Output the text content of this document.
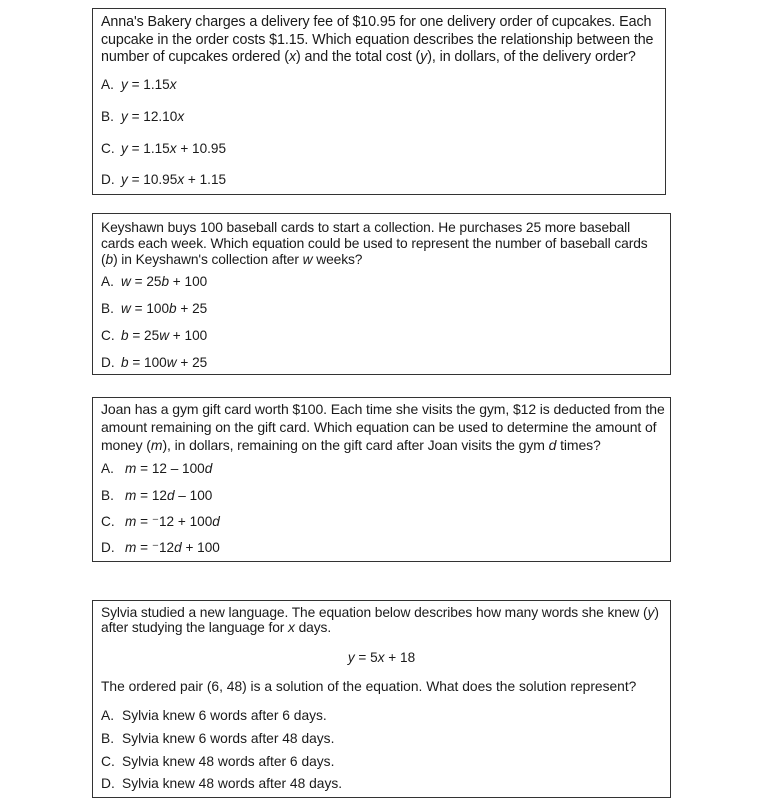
Anna's Bakery charges a delivery fee of $10.95 for one delivery order of cupcakes. Each cupcake in the order costs $1.15. Which equation describes the relationship between the number of cupcakes ordered (x) and the total cost (y), in dollars, of the delivery order?
A. y = 1.15x
B. y = 12.10x
C. y = 1.15x + 10.95
D. y = 10.95x + 1.15
Keyshawn buys 100 baseball cards to start a collection. He purchases 25 more baseball cards each week. Which equation could be used to represent the number of baseball cards (b) in Keyshawn's collection after w weeks?
A. w = 25b + 100
B. w = 100b + 25
C. b = 25w + 100
D. b = 100w + 25
Joan has a gym gift card worth $100. Each time she visits the gym, $12 is deducted from the amount remaining on the gift card. Which equation can be used to determine the amount of money (m), in dollars, remaining on the gift card after Joan visits the gym d times?
A. m = 12 – 100d
B. m = 12d – 100
C. m = ⁻12 + 100d
D. m = ⁻12d + 100
Sylvia studied a new language. The equation below describes how many words she knew (y) after studying the language for x days.
y = 5x + 18
The ordered pair (6, 48) is a solution of the equation. What does the solution represent?
A. Sylvia knew 6 words after 6 days.
B. Sylvia knew 6 words after 48 days.
C. Sylvia knew 48 words after 6 days.
D. Sylvia knew 48 words after 48 days.
